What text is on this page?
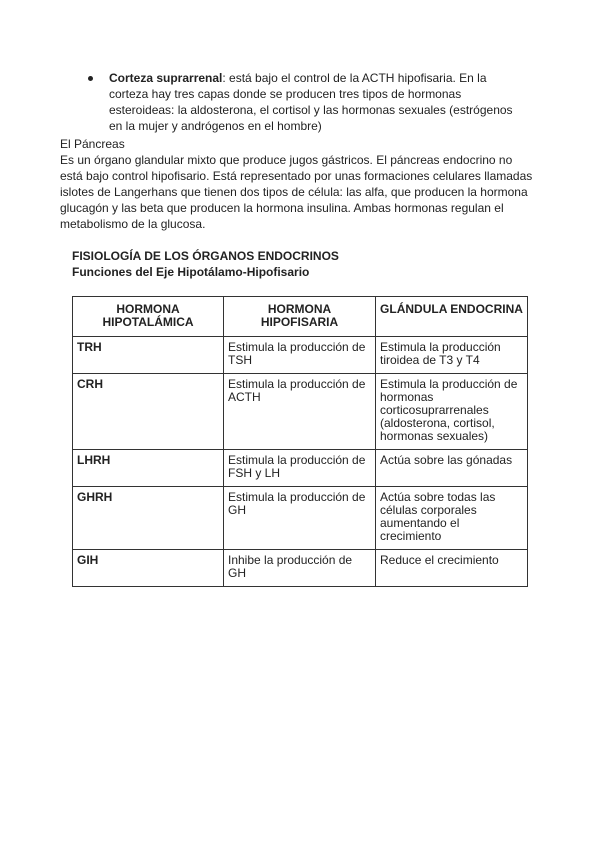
Corteza suprarrenal: está bajo el control de la ACTH hipofisaria. En la corteza hay tres capas donde se producen tres tipos de hormonas esteroideas: la aldosterona, el cortisol y las hormonas sexuales (estrógenos en la mujer y andrógenos en el hombre)
El Páncreas
Es un órgano glandular mixto que produce jugos gástricos. El páncreas endocrino no está bajo control hipofisario. Está representado por unas formaciones celulares llamadas islotes de Langerhans que tienen dos tipos de célula: las alfa, que producen la hormona glucagón y las beta que producen la hormona insulina. Ambas hormonas regulan el metabolismo de la glucosa.
FISIOLOGÍA DE LOS ÓRGANOS ENDOCRINOS
Funciones del Eje Hipotálamo-Hipofisario
HORMONA HIPOTALÁMICA	HORMONA HIPOFISARIA	GLÁNDULA ENDOCRINA
TRH	Estimula la producción de TSH	Estimula la producción tiroidea de T3 y T4
CRH	Estimula la producción de ACTH	Estimula la producción de hormonas corticosuprarrenales (aldosterona, cortisol, hormonas sexuales)
LHRH	Estimula la producción de FSH y LH	Actúa sobre las gónadas
GHRH	Estimula la producción de GH	Actúa sobre todas las células corporales aumentando el crecimiento
GIH	Inhibe la producción de GH	Reduce el crecimiento
